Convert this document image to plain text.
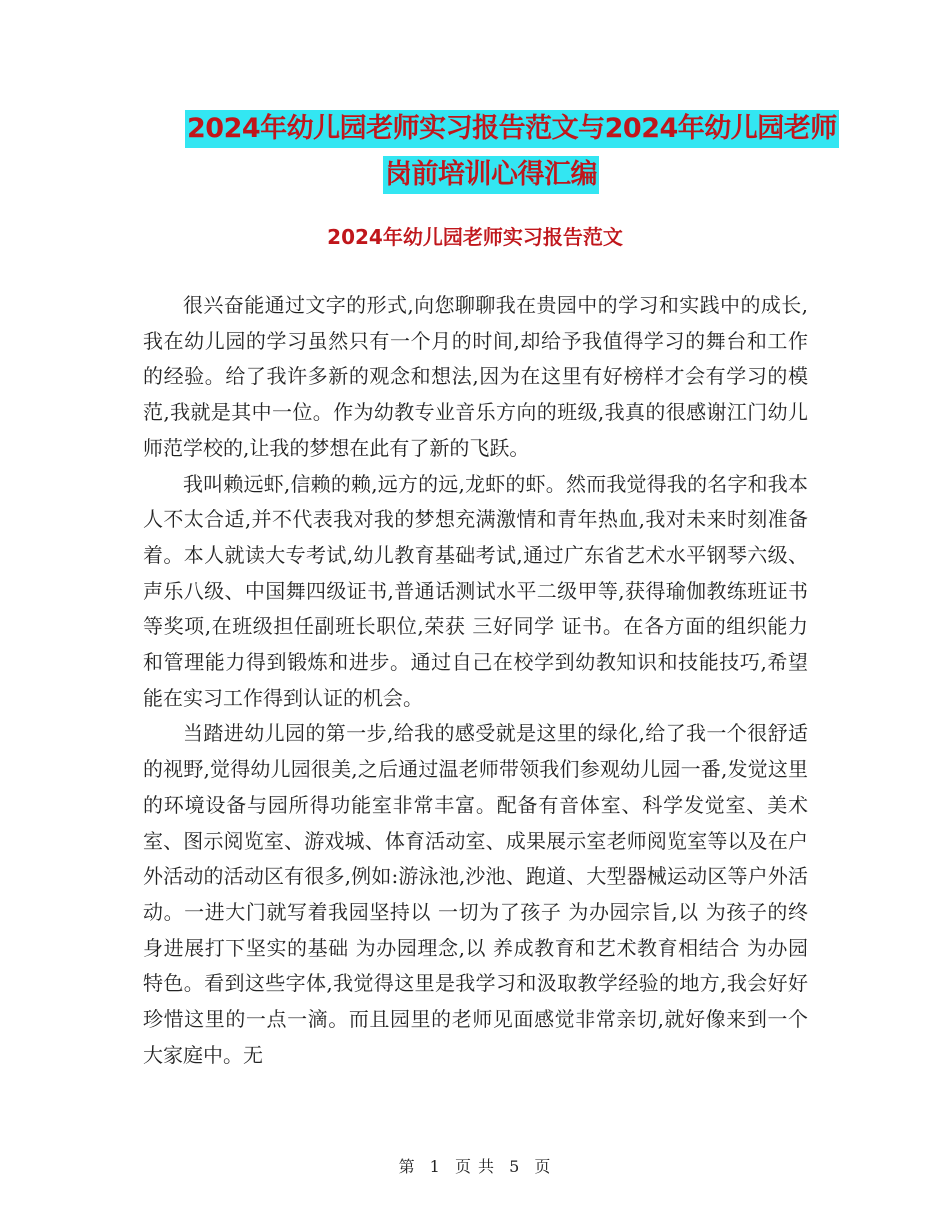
2024年幼儿园老师实习报告范文与2024年幼儿园老师
岗前培训心得汇编
2024年幼儿园老师实习报告范文

很兴奋能通过文字的形式,向您聊聊我在贵园中的学习和实践中的成长,我在幼儿园的学习虽然只有一个月的时间,却给予我值得学习的舞台和工作的经验。给了我许多新的观念和想法,因为在这里有好榜样才会有学习的模范,我就是其中一位。作为幼教专业音乐方向的班级,我真的很感谢江门幼儿师范学校的,让我的梦想在此有了新的飞跃。

我叫赖远虾,信赖的赖,远方的远,龙虾的虾。然而我觉得我的名字和我本人不太合适,并不代表我对我的梦想充满激情和青年热血,我对未来时刻准备着。本人就读大专考试,幼儿教育基础考试,通过广东省艺术水平钢琴六级、声乐八级、中国舞四级证书,普通话测试水平二级甲等,获得瑜伽教练班证书等奖项,在班级担任副班长职位,荣获 三好同学 证书。在各方面的组织能力和管理能力得到锻炼和进步。通过自己在校学到幼教知识和技能技巧,希望能在实习工作得到认证的机会。

当踏进幼儿园的第一步,给我的感受就是这里的绿化,给了我一个很舒适的视野,觉得幼儿园很美,之后通过温老师带领我们参观幼儿园一番,发觉这里的环境设备与园所得功能室非常丰富。配备有音体室、科学发觉室、美术室、图示阅览室、游戏城、体育活动室、成果展示室老师阅览室等以及在户外活动的活动区有很多,例如:游泳池,沙池、跑道、大型器械运动区等户外活动。一进大门就写着我园坚持以 一切为了孩子 为办园宗旨,以 为孩子的终身进展打下坚实的基础 为办园理念,以 养成教育和艺术教育相结合 为办园特色。看到这些字体,我觉得这里是我学习和汲取教学经验的地方,我会好好珍惜这里的一点一滴。而且园里的老师见面感觉非常亲切,就好像来到一个大家庭中。无

第 1 页 共 5 页
